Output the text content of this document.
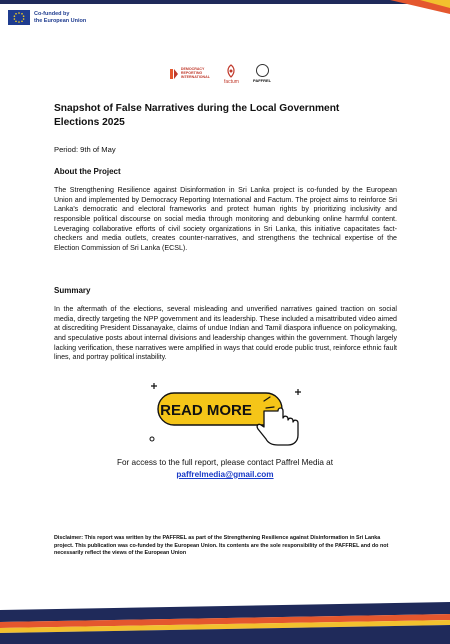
Co-funded by
the European Union
DEMOCRACY
REPORTING
INTERNATIONAL
factum	PAFFREL
Snapshot of False Narratives during the Local Government Elections 2025
Period: 9th of May
About the Project

The Strengthening Resilience against Disinformation in Sri Lanka project is co-funded by the European Union and implemented by Democracy Reporting International and Factum. The project aims to reinforce Sri Lanka's democratic and electoral frameworks and protect human rights by prioritizing inclusivity and responsible political discourse on social media through monitoring and debunking online harmful content. Leveraging collaborative efforts of civil society organizations in Sri Lanka, this initiative capacitates fact-checkers and media outlets, creates counter-narratives, and strengthens the technical expertise of the Election Commission of Sri Lanka (ECSL).

Summary

In the aftermath of the elections, several misleading and unverified narratives gained traction on social media, directly targeting the NPP government and its leadership. These included a misattributed video aimed at discrediting President Dissanayake, claims of undue Indian and Tamil diaspora influence on policymaking, and speculative posts about internal divisions and leadership changes within the government. Though largely lacking verification, these narratives were amplified in ways that could erode public trust, reinforce ethnic fault lines, and portray political instability.

READ MORE
For access to the full report, please contact Paffrel Media at
paffrelmedia@gmail.com
Disclaimer: This report was written by the PAFFREL as part of the Strengthening Resilience against Disinformation in Sri Lanka project. This publication was co-funded by the European Union. Its contents are the sole responsibility of the PAFFREL and do not necessarily reflect the views of the European Union
